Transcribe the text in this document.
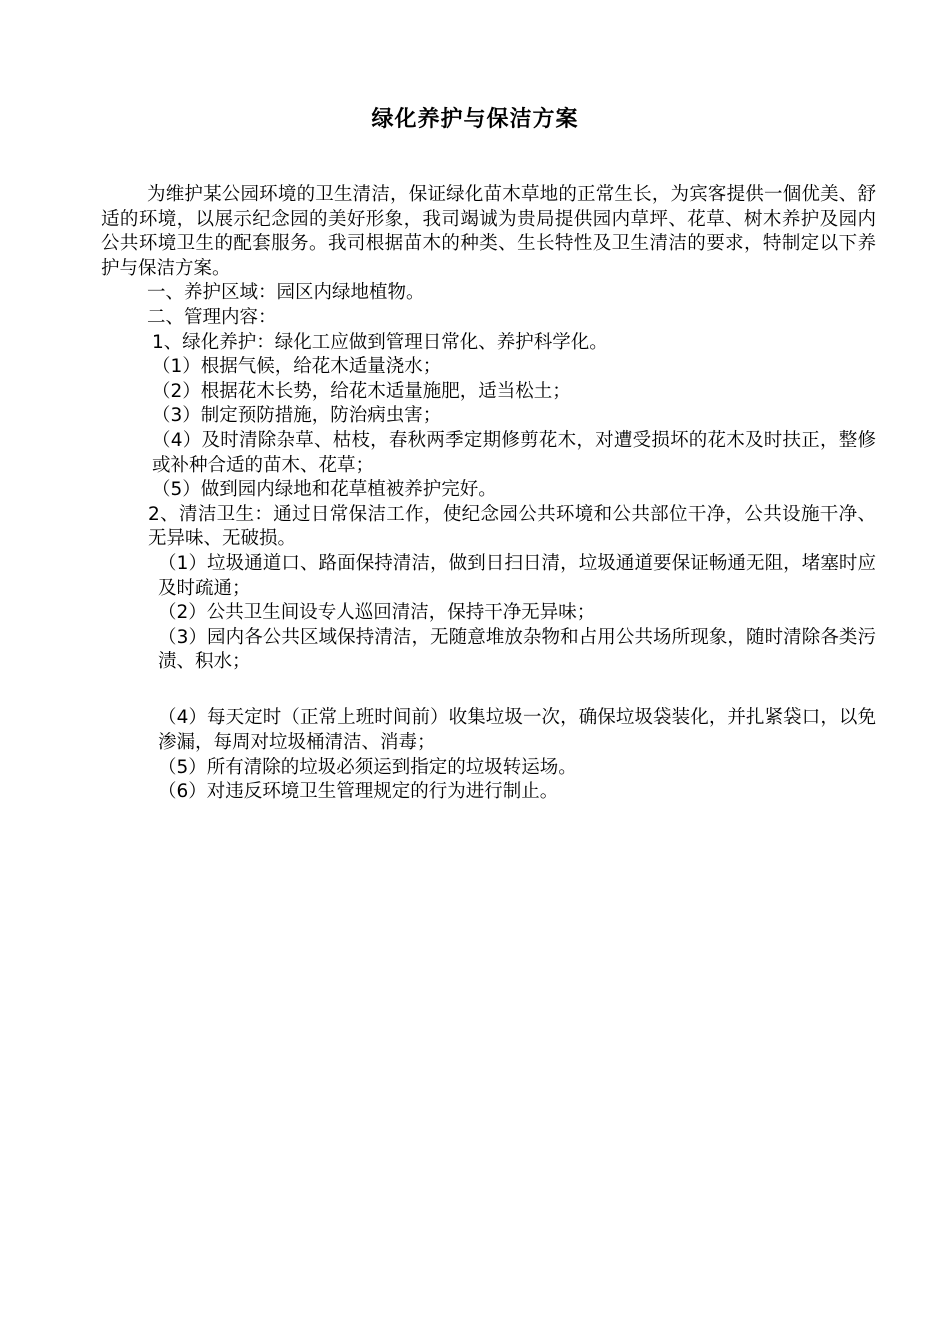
绿化养护与保洁方案

为维护某公园环境的卫生清洁，保证绿化苗木草地的正常生长，为宾客提供一個优美、舒适的环境，以展示纪念园的美好形象，我司竭诚为贵局提供园内草坪、花草、树木养护及园内公共环境卫生的配套服务。我司根据苗木的种类、生长特性及卫生清洁的要求，特制定以下养护与保洁方案。

一、养护区域：园区内绿地植物。

二、管理内容：

1、绿化养护：绿化工应做到管理日常化、养护科学化。

（1）根据气候，给花木适量浇水；

（2）根据花木长势，给花木适量施肥，适当松土；

（3）制定预防措施，防治病虫害；

（4）及时清除杂草、枯枝，春秋两季定期修剪花木，对遭受损坏的花木及时扶正，整修或补种合适的苗木、花草；

（5）做到园内绿地和花草植被养护完好。

2、清洁卫生：通过日常保洁工作，使纪念园公共环境和公共部位干净，公共设施干净、无异味、无破损。

（1）垃圾通道口、路面保持清洁，做到日扫日清，垃圾通道要保证畅通无阻，堵塞时应及时疏通；

（2）公共卫生间设专人巡回清洁，保持干净无异味；

（3）园内各公共区域保持清洁，无随意堆放杂物和占用公共场所现象，随时清除各类污渍、积水；

（4）每天定时（正常上班时间前）收集垃圾一次，确保垃圾袋装化，并扎紧袋口，以免渗漏，每周对垃圾桶清洁、消毒；

（5）所有清除的垃圾必须运到指定的垃圾转运场。

（6）对违反环境卫生管理规定的行为进行制止。
